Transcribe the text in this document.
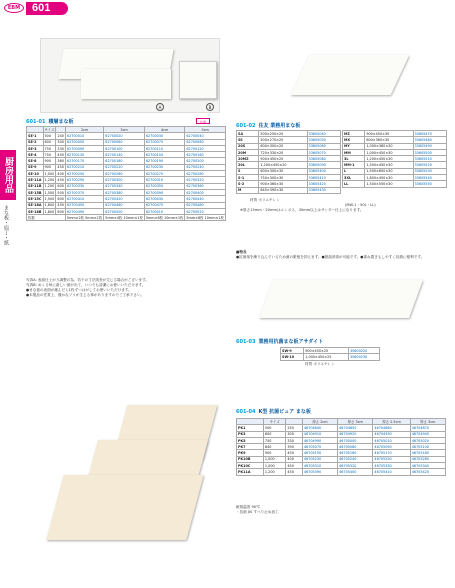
EBM	601
厨房用品
まな板・庖丁・紙
A	B
601-01 積層まな板	抗菌
	サイズ		2cm	3cm	4cm	5cm
SE-1	500	240	62700010	62700020	62700030	62700040
SE-2	600	300	62700050	62700060	62700070	62700080
SE-3	750	330	62700090	62700100	62700110	62700120
SE-4	750	450	62700130	62700140	62700150	62700160
SE-8	900	360	62700170	62700180	62700190	62700200
SE-9	900	450	62700210	62700220	62700230	62700240
SE-10	1,000	400	62700250	62700260	62700270	62700280
SE-11A	1,200	450	62700290	62700300	62700310	62700320
SE-11B	1,200	600	62700330	62700340	62700350	62700360
SE-15B	1,500	500	62700370	62700380	62700390	62700400
SE-15C	1,500	600	62700410	62700420	62700430	62700440
SE-18A	1,800	450	62700450	62700460	62700470	62700480
SE-18B	1,800	600	62700490	62700500	62700510	62700520
枚数			5mm×2枚 5mm×1枚	5mm×4枚 10mm×1枚	5mm×6枚 10mm×1枚	5mm×8枚 10mm×1枚
写真A: 表面仕上がり調整の為、若干の寸法誤差が生じる場合がございます。
写真B: めくる毎に新しい面が出て、いつでも清潔にお使いいただけます。
●まな板の表面が痛んだら1枚ずつはがしてお使いいただけます。
●本製品の性質上、僅かなソリが生じる事がありますのでご了承下さい。
601-02 住友 業務用まな板
SA	500×250×20	33605040
SS	500×270×20	33605050
20S	600×300×20	33605060
20M	720×330×20	33605070
20MZ	900×450×20	33605080
20L	1,200×450×20	33605090
S	600×300×30	33605400
S-1	750×300×30	33605410
S-2	900×360×30	33605420
M	840×390×30	33605430
MZ	900×450×30	33605470
MX	600×360×30	33605480
MY	1,000×360×30	33605490
MM	1,000×450×30	33605500
3L	1,200×450×30	33605510
MM-1	1,500×450×30	33605520
L	1,500×600×30	33605530
3XL	1,800×450×30	33605540
LL	1,500×550×30	33605550
材質 ポリエチレン
(MW-1・50L・LL)
※厚さ15mm・20mmはエンボス、30mm以上はサンダー仕上になります。
■特長
●抗菌剤を練り込んでいるため菌の繁殖を抑えます。●熱湯消毒が可能です。●重ね置きもしやすく収納に便利です。
601-03 業務用抗菌まな板アサダイト
SW-9	900×450×25	35600220
SW-10	1,000×450×25	35600230
材質 ポリエチレン
601-04 K型 抗菌ピュア まな板
	サイズ		厚さ 2cm	厚さ 3cm	厚さ 2.5cm	厚さ 3cm
PK1	500	250	46704840	46704850	46704860	46704870
PK3	600	300	46704910	46704920	46704930	46704940
PK5	750	330	46704990	46705000	46705010	46705020
PK7	840	390	46705070	46705080	46705090	46705100
PK9	900	450	46705150	46705160	46705170	46705180
PK10B	1,000	400	46705230	46705240	46705250	46705260
PK10C	1,000	450	46705310	46705320	46705330	46705340
PK11A	1,200	450	46705390	46705400	46705410	46705420
耐熱温度 90℃
・抗菌 JIS すべり止め加工
